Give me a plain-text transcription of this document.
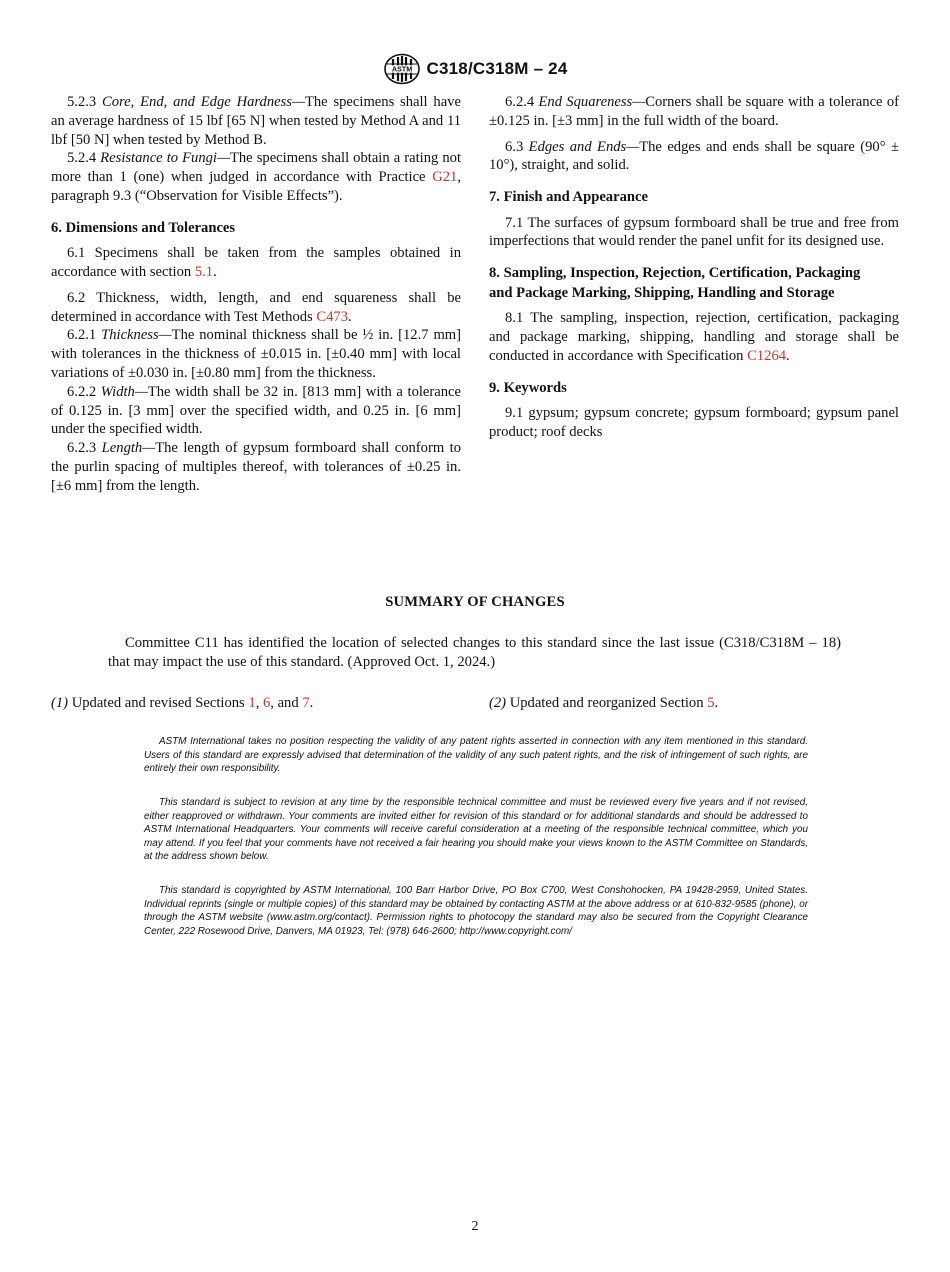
ASTM C318/C318M – 24

5.2.3 Core, End, and Edge Hardness—The specimens shall have an average hardness of 15 lbf [65 N] when tested by Method A and 11 lbf [50 N] when tested by Method B.

5.2.4 Resistance to Fungi—The specimens shall obtain a rating not more than 1 (one) when judged in accordance with Practice G21, paragraph 9.3 (“Observation for Visible Effects”).

6. Dimensions and Tolerances

6.1 Specimens shall be taken from the samples obtained in accordance with section 5.1.

6.2 Thickness, width, length, and end squareness shall be determined in accordance with Test Methods C473.

6.2.1 Thickness—The nominal thickness shall be ½ in. [12.7 mm] with tolerances in the thickness of ±0.015 in. [±0.40 mm] with local variations of ±0.030 in. [±0.80 mm] from the thickness.

6.2.2 Width—The width shall be 32 in. [813 mm] with a tolerance of 0.125 in. [3 mm] over the specified width, and 0.25 in. [6 mm] under the specified width.

6.2.3 Length—The length of gypsum formboard shall conform to the purlin spacing of multiples thereof, with tolerances of ±0.25 in. [±6 mm] from the length.

6.2.4 End Squareness—Corners shall be square with a tolerance of ±0.125 in. [±3 mm] in the full width of the board.

6.3 Edges and Ends—The edges and ends shall be square (90° ± 10°), straight, and solid.

7. Finish and Appearance

7.1 The surfaces of gypsum formboard shall be true and free from imperfections that would render the panel unfit for its designed use.

8. Sampling, Inspection, Rejection, Certification, Packaging and Package Marking, Shipping, Handling and Storage

8.1 The sampling, inspection, rejection, certification, packaging and package marking, shipping, handling and storage shall be conducted in accordance with Specification C1264.

9. Keywords

9.1 gypsum; gypsum concrete; gypsum formboard; gypsum panel product; roof decks

SUMMARY OF CHANGES

Committee C11 has identified the location of selected changes to this standard since the last issue (C318/C318M – 18) that may impact the use of this standard. (Approved Oct. 1, 2024.)

(1) Updated and revised Sections 1, 6, and 7.	(2) Updated and reorganized Section 5.

ASTM International takes no position respecting the validity of any patent rights asserted in connection with any item mentioned in this standard. Users of this standard are expressly advised that determination of the validity of any such patent rights, and the risk of infringement of such rights, are entirely their own responsibility.

This standard is subject to revision at any time by the responsible technical committee and must be reviewed every five years and if not revised, either reapproved or withdrawn. Your comments are invited either for revision of this standard or for additional standards and should be addressed to ASTM International Headquarters. Your comments will receive careful consideration at a meeting of the responsible technical committee, which you may attend. If you feel that your comments have not received a fair hearing you should make your views known to the ASTM Committee on Standards, at the address shown below.

This standard is copyrighted by ASTM International, 100 Barr Harbor Drive, PO Box C700, West Conshohocken, PA 19428-2959, United States. Individual reprints (single or multiple copies) of this standard may be obtained by contacting ASTM at the above address or at 610-832-9585 (phone), or through the ASTM website (www.astm.org/contact). Permission rights to photocopy the standard may also be secured from the Copyright Clearance Center, 222 Rosewood Drive, Danvers, MA 01923, Tel: (978) 646-2600; http://www.copyright.com/

2
